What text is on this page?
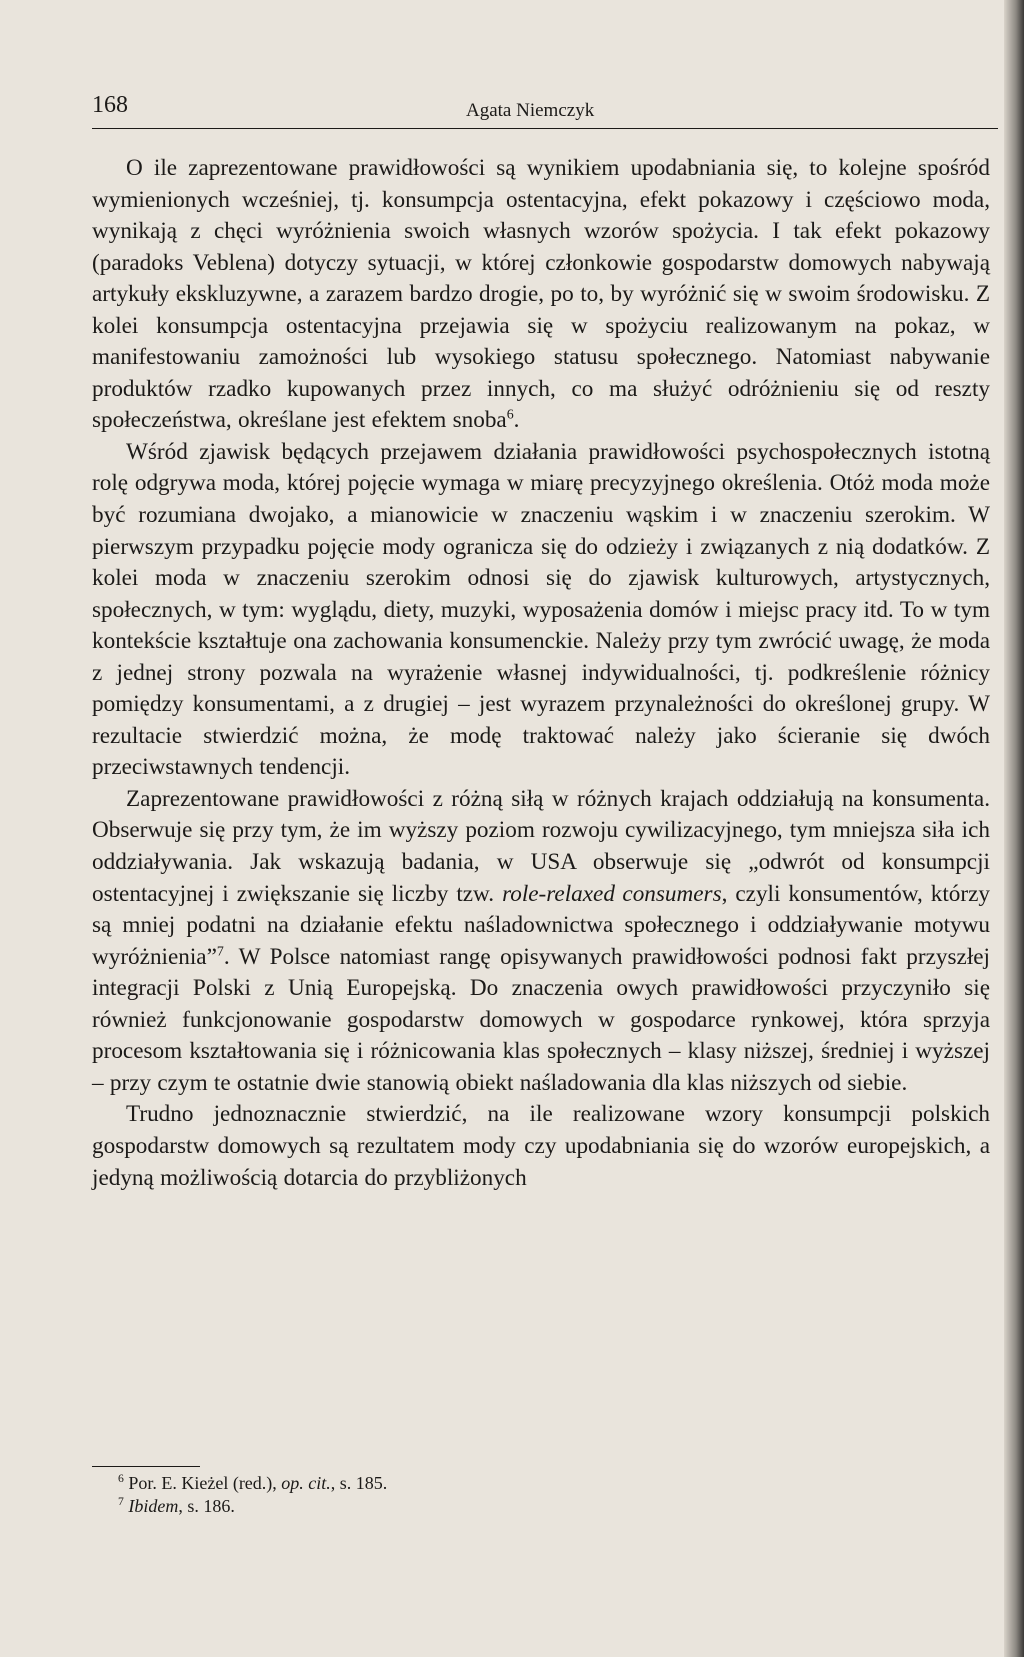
168	Agata Niemczyk

O ile zaprezentowane prawidłowości są wynikiem upodabniania się, to kolejne spośród wymienionych wcześniej, tj. konsumpcja ostentacyjna, efekt pokazowy i częściowo moda, wynikają z chęci wyróżnienia swoich własnych wzorów spożycia. I tak efekt pokazowy (paradoks Veblena) dotyczy sytuacji, w której członkowie gospodarstw domowych nabywają artykuły ekskluzywne, a zarazem bardzo drogie, po to, by wyróżnić się w swoim środowisku. Z kolei konsumpcja ostentacyjna przejawia się w spożyciu realizowanym na pokaz, w manifestowaniu zamożności lub wysokiego statusu społecznego. Natomiast nabywanie produktów rzadko kupowanych przez innych, co ma służyć odróżnieniu się od reszty społeczeństwa, określane jest efektem snoba$^6$.

Wśród zjawisk będących przejawem działania prawidłowości psychospołecznych istotną rolę odgrywa moda, której pojęcie wymaga w miarę precyzyjnego określenia. Otóż moda może być rozumiana dwojako, a mianowicie w znaczeniu wąskim i w znaczeniu szerokim. W pierwszym przypadku pojęcie mody ogranicza się do odzieży i związanych z nią dodatków. Z kolei moda w znaczeniu szerokim odnosi się do zjawisk kulturowych, artystycznych, społecznych, w tym: wyglądu, diety, muzyki, wyposażenia domów i miejsc pracy itd. To w tym kontekście kształtuje ona zachowania konsumenckie. Należy przy tym zwrócić uwagę, że moda z jednej strony pozwala na wyrażenie własnej indywidualności, tj. podkreślenie różnicy pomiędzy konsumentami, a z drugiej – jest wyrazem przynależności do określonej grupy. W rezultacie stwierdzić można, że modę traktować należy jako ścieranie się dwóch przeciwstawnych tendencji.

Zaprezentowane prawidłowości z różną siłą w różnych krajach oddziałują na konsumenta. Obserwuje się przy tym, że im wyższy poziom rozwoju cywilizacyjnego, tym mniejsza siła ich oddziaływania. Jak wskazują badania, w USA obserwuje się „odwrót od konsumpcji ostentacyjnej i zwiększanie się liczby tzw. role-relaxed consumers, czyli konsumentów, którzy są mniej podatni na działanie efektu naśladownictwa społecznego i oddziaływanie motywu wyróżnienia”$^7$. W Polsce natomiast rangę opisywanych prawidłowości podnosi fakt przyszłej integracji Polski z Unią Europejską. Do znaczenia owych prawidłowości przyczyniło się również funkcjonowanie gospodarstw domowych w gospodarce rynkowej, która sprzyja procesom kształtowania się i różnicowania klas społecznych – klasy niższej, średniej i wyższej – przy czym te ostatnie dwie stanowią obiekt naśladowania dla klas niższych od siebie.

Trudno jednoznacznie stwierdzić, na ile realizowane wzory konsumpcji polskich gospodarstw domowych są rezultatem mody czy upodabniania się do wzorów europejskich, a jedyną możliwością dotarcia do przybliżonych

$^6$ Por. E. Kieżel (red.), op. cit., s. 185.
$^7$ Ibidem, s. 186.
